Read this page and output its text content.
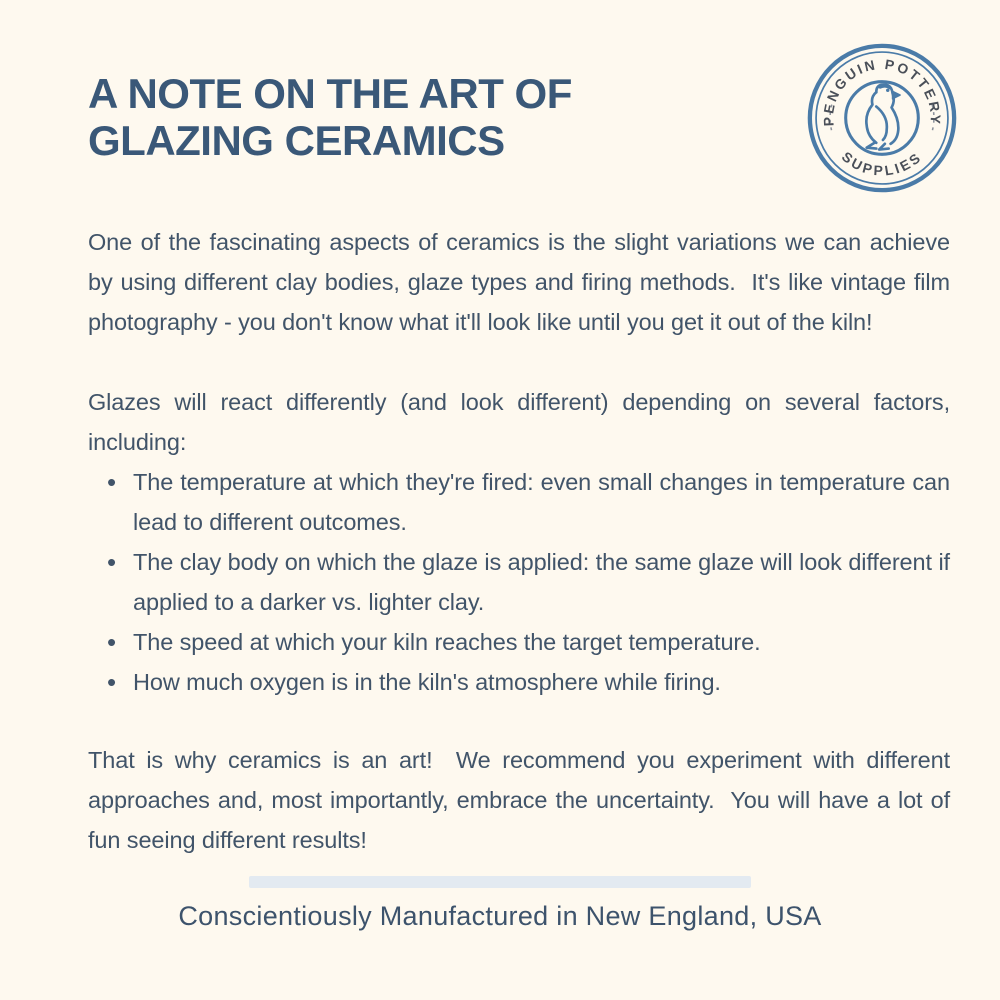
A NOTE ON THE ART OF
GLAZING CERAMICS	PENGUIN POTTERY
SUPPLIES

One of the fascinating aspects of ceramics is the slight variations we can achieve by using different clay bodies, glaze types and firing methods.  It's like vintage film photography - you don't know what it'll look like until you get it out of the kiln!

Glazes will react differently (and look different) depending on several factors, including:

• The temperature at which they're fired: even small changes in temperature can lead to different outcomes.
• The clay body on which the glaze is applied: the same glaze will look different if applied to a darker vs. lighter clay.
• The speed at which your kiln reaches the target temperature.
• How much oxygen is in the kiln's atmosphere while firing.

That is why ceramics is an art!  We recommend you experiment with different approaches and, most importantly, embrace the uncertainty.  You will have a lot of fun seeing different results!

Conscientiously Manufactured in New England, USA
